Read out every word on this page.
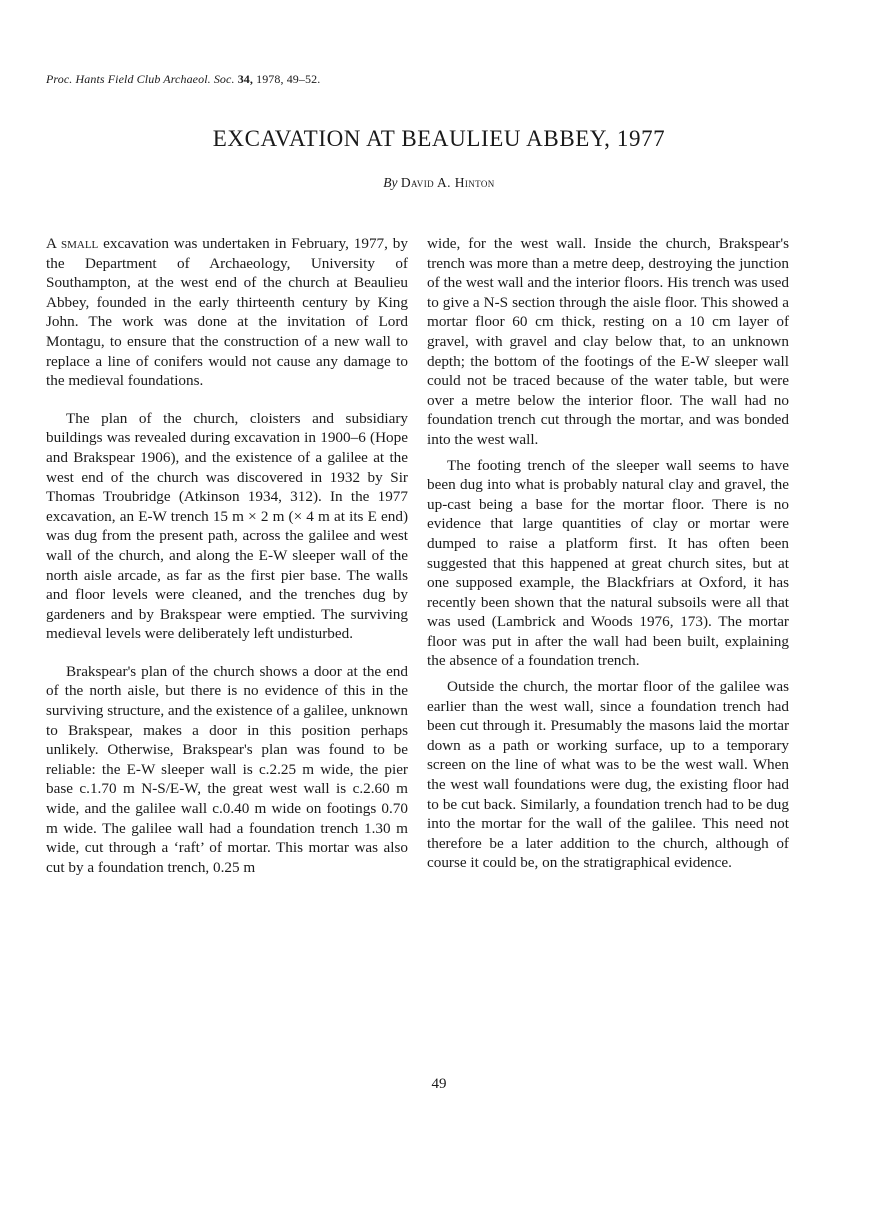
Proc. Hants Field Club Archaeol. Soc. 34, 1978, 49–52.
EXCAVATION AT BEAULIEU ABBEY, 1977
By David A. Hinton

A small excavation was undertaken in February, 1977, by the Department of Archaeology, University of Southampton, at the west end of the church at Beaulieu Abbey, founded in the early thirteenth century by King John. The work was done at the invitation of Lord Montagu, to ensure that the construction of a new wall to replace a line of conifers would not cause any damage to the medieval foundations.

The plan of the church, cloisters and subsidiary buildings was revealed during excavation in 1900–6 (Hope and Brakspear 1906), and the existence of a galilee at the west end of the church was discovered in 1932 by Sir Thomas Troubridge (Atkinson 1934, 312). In the 1977 excavation, an E-W trench 15 m × 2 m (× 4 m at its E end) was dug from the present path, across the galilee and west wall of the church, and along the E-W sleeper wall of the north aisle arcade, as far as the first pier base. The walls and floor levels were cleaned, and the trenches dug by gardeners and by Brakspear were emptied. The surviving medieval levels were deliberately left undisturbed.

Brakspear's plan of the church shows a door at the end of the north aisle, but there is no evidence of this in the surviving structure, and the existence of a galilee, unknown to Brakspear, makes a door in this position perhaps unlikely. Otherwise, Brakspear's plan was found to be reliable: the E-W sleeper wall is c.2.25 m wide, the pier base c.1.70 m N-S/E-W, the great west wall is c.2.60 m wide, and the galilee wall c.0.40 m wide on footings 0.70 m wide. The galilee wall had a foundation trench 1.30 m wide, cut through a ‘raft’ of mortar. This mortar was also cut by a foundation trench, 0.25 m

wide, for the west wall. Inside the church, Brakspear's trench was more than a metre deep, destroying the junction of the west wall and the interior floors. His trench was used to give a N-S section through the aisle floor. This showed a mortar floor 60 cm thick, resting on a 10 cm layer of gravel, with gravel and clay below that, to an unknown depth; the bottom of the footings of the E-W sleeper wall could not be traced because of the water table, but were over a metre below the interior floor. The wall had no foundation trench cut through the mortar, and was bonded into the west wall.

The footing trench of the sleeper wall seems to have been dug into what is probably natural clay and gravel, the up-cast being a base for the mortar floor. There is no evidence that large quantities of clay or mortar were dumped to raise a platform first. It has often been suggested that this happened at great church sites, but at one supposed example, the Blackfriars at Oxford, it has recently been shown that the natural subsoils were all that was used (Lambrick and Woods 1976, 173). The mortar floor was put in after the wall had been built, explaining the absence of a foundation trench.

Outside the church, the mortar floor of the galilee was earlier than the west wall, since a foundation trench had been cut through it. Presumably the masons laid the mortar down as a path or working surface, up to a temporary screen on the line of what was to be the west wall. When the west wall foundations were dug, the existing floor had to be cut back. Similarly, a foundation trench had to be dug into the mortar for the wall of the galilee. This need not therefore be a later addition to the church, although of course it could be, on the stratigraphical evidence.

49
